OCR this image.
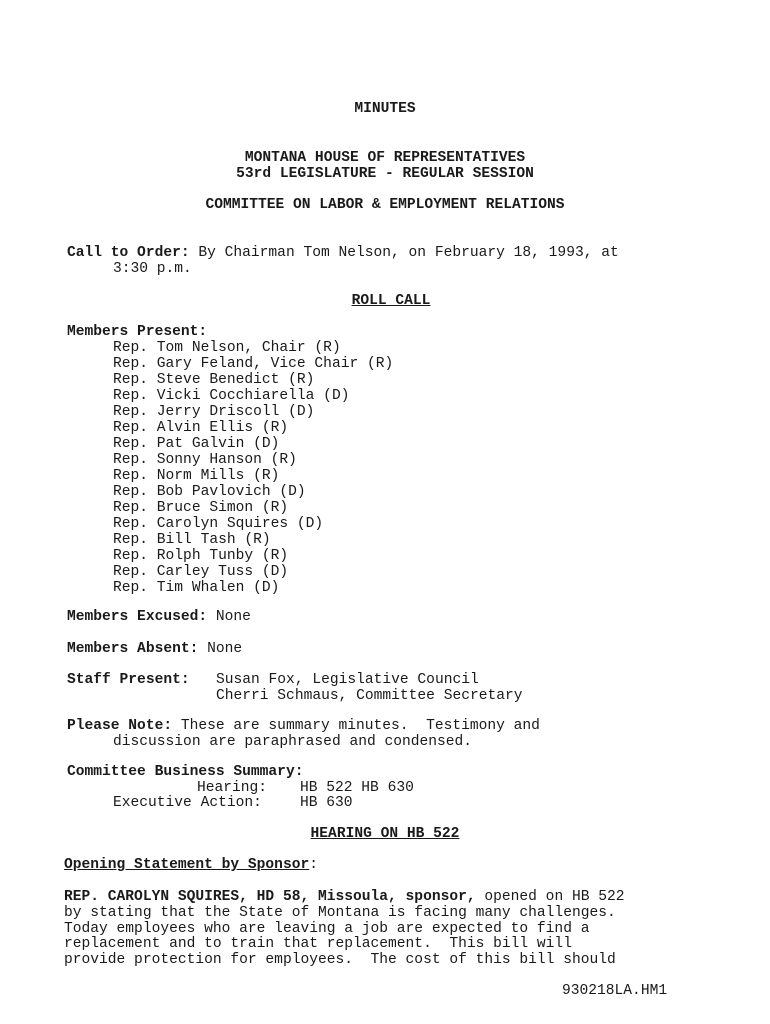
MINUTES
MONTANA HOUSE OF REPRESENTATIVES
53rd LEGISLATURE - REGULAR SESSION
COMMITTEE ON LABOR & EMPLOYMENT RELATIONS
Call to Order: By Chairman Tom Nelson, on February 18, 1993, at
3:30 p.m.
ROLL CALL
Members Present:
Rep. Tom Nelson, Chair (R)
Rep. Gary Feland, Vice Chair (R)
Rep. Steve Benedict (R)
Rep. Vicki Cocchiarella (D)
Rep. Jerry Driscoll (D)
Rep. Alvin Ellis (R)
Rep. Pat Galvin (D)
Rep. Sonny Hanson (R)
Rep. Norm Mills (R)
Rep. Bob Pavlovich (D)
Rep. Bruce Simon (R)
Rep. Carolyn Squires (D)
Rep. Bill Tash (R)
Rep. Rolph Tunby (R)
Rep. Carley Tuss (D)
Rep. Tim Whalen (D)
Members Excused: None
Members Absent: None
Staff Present: Susan Fox, Legislative Council
Cherri Schmaus, Committee Secretary
Please Note: These are summary minutes.  Testimony and
discussion are paraphrased and condensed.
Committee Business Summary:
Hearing: HB 522 HB 630
Executive Action:	HB 630
HEARING ON HB 522
Opening Statement by Sponsor:
REP. CAROLYN SQUIRES, HD 58, Missoula, sponsor, opened on HB 522
by stating that the State of Montana is facing many challenges.
Today employees who are leaving a job are expected to find a
replacement and to train that replacement.  This bill will
provide protection for employees.  The cost of this bill should
930218LA.HM1
